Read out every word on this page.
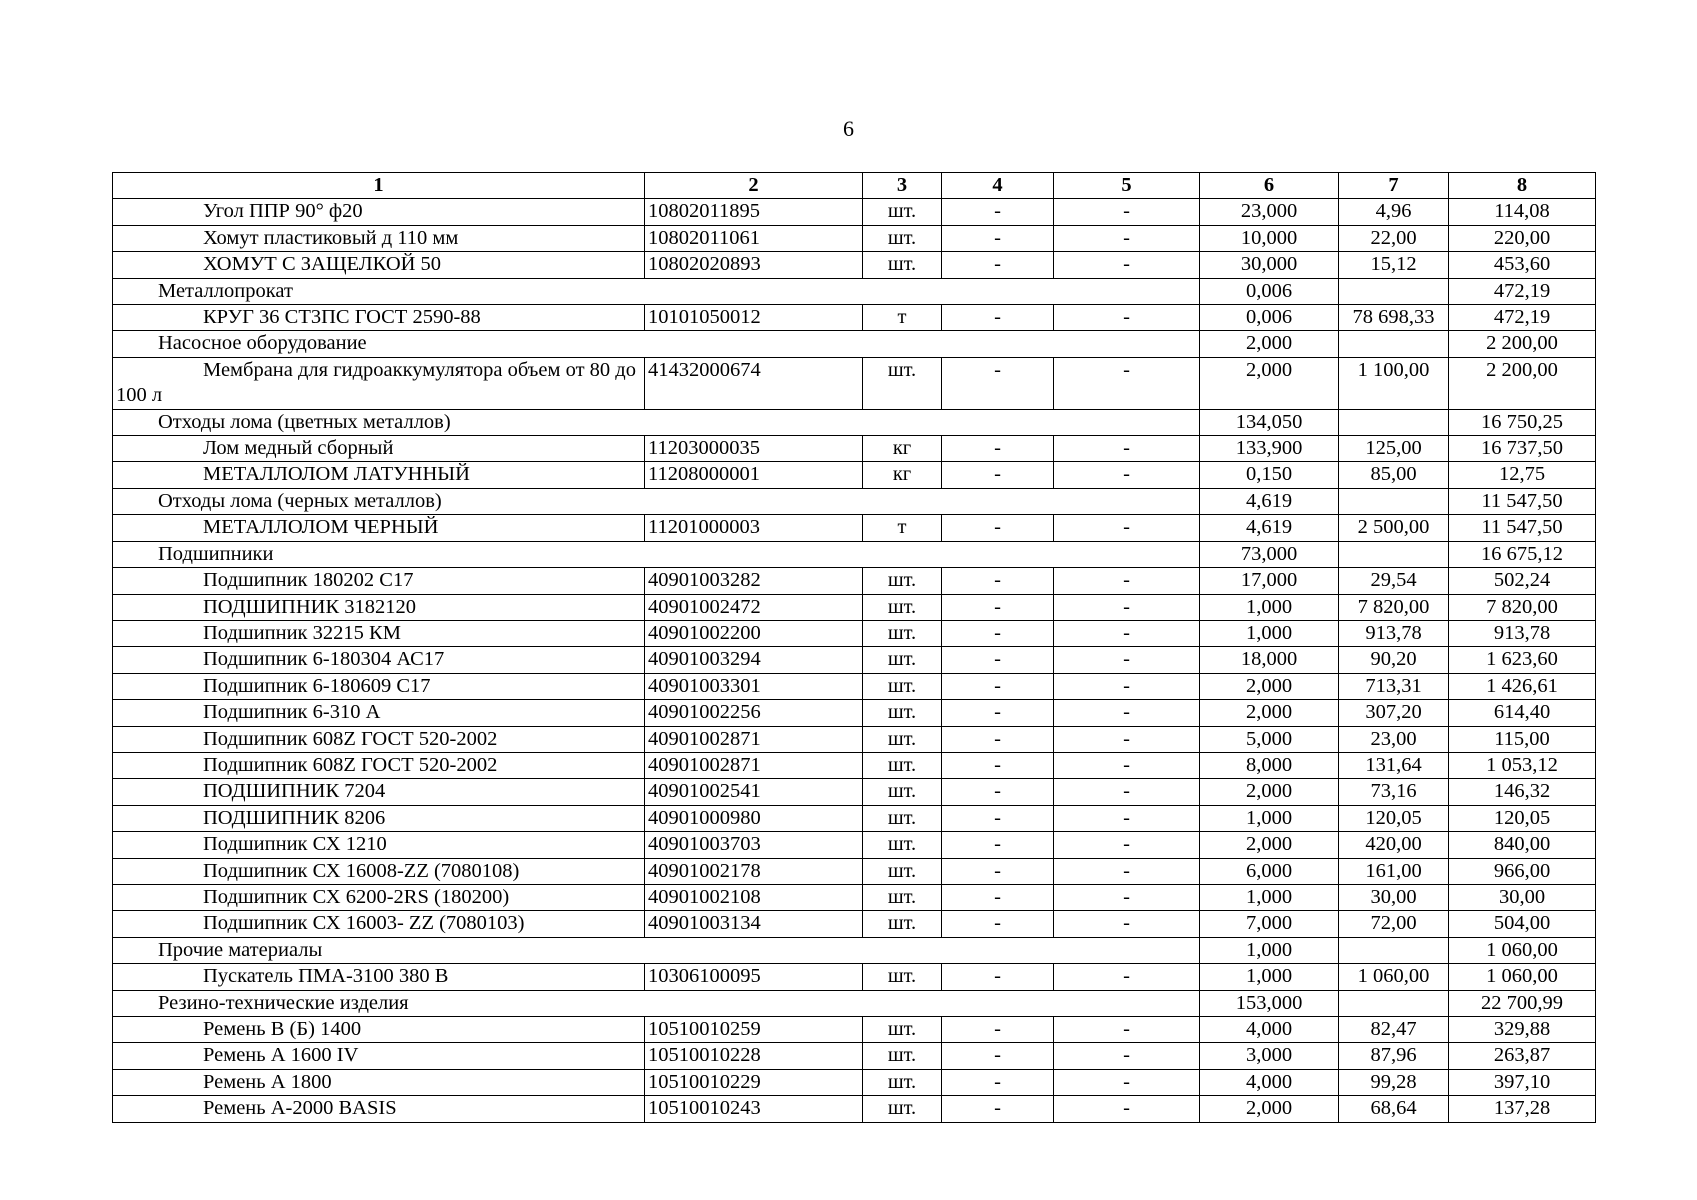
6
1	2	3	4	5	6	7	8
Угол ППР 90° ф20	10802011895	шт.	-	-	23,000	4,96	114,08
Хомут пластиковый д 110 мм	10802011061	шт.	-	-	10,000	22,00	220,00
ХОМУТ С ЗАЩЕЛКОЙ 50	10802020893	шт.	-	-	30,000	15,12	453,60
Металлопрокат					0,006		472,19
КРУГ 36 СТ3ПС ГОСТ 2590-88	10101050012	т	-	-	0,006	78 698,33	472,19
Насосное оборудование					2,000		2 200,00
Мембрана для гидроаккумулятора объем от 80 до 100 л	41432000674	шт.	-	-	2,000	1 100,00	2 200,00
Отходы лома (цветных металлов)					134,050		16 750,25
Лом медный сборный	11203000035	кг	-	-	133,900	125,00	16 737,50
МЕТАЛЛОЛОМ ЛАТУННЫЙ	11208000001	кг	-	-	0,150	85,00	12,75
Отходы лома (черных металлов)					4,619		11 547,50
МЕТАЛЛОЛОМ ЧЕРНЫЙ	11201000003	т	-	-	4,619	2 500,00	11 547,50
Подшипники					73,000		16 675,12
Подшипник 180202 С17	40901003282	шт.	-	-	17,000	29,54	502,24
ПОДШИПНИК 3182120	40901002472	шт.	-	-	1,000	7 820,00	7 820,00
Подшипник 32215 КМ	40901002200	шт.	-	-	1,000	913,78	913,78
Подшипник 6-180304 АС17	40901003294	шт.	-	-	18,000	90,20	1 623,60
Подшипник 6-180609 С17	40901003301	шт.	-	-	2,000	713,31	1 426,61
Подшипник 6-310 А	40901002256	шт.	-	-	2,000	307,20	614,40
Подшипник 608Z ГОСТ 520-2002	40901002871	шт.	-	-	5,000	23,00	115,00
Подшипник 608Z ГОСТ 520-2002	40901002871	шт.	-	-	8,000	131,64	1 053,12
ПОДШИПНИК 7204	40901002541	шт.	-	-	2,000	73,16	146,32
ПОДШИПНИК 8206	40901000980	шт.	-	-	1,000	120,05	120,05
Подшипник СХ 1210	40901003703	шт.	-	-	2,000	420,00	840,00
Подшипник СХ 16008-ZZ (7080108)	40901002178	шт.	-	-	6,000	161,00	966,00
Подшипник СХ 6200-2RS (180200)	40901002108	шт.	-	-	1,000	30,00	30,00
Подшипник СХ 16003- ZZ (7080103)	40901003134	шт.	-	-	7,000	72,00	504,00
Прочие материалы					1,000		1 060,00
Пускатель ПМА-3100 380 В	10306100095	шт.	-	-	1,000	1 060,00	1 060,00
Резино-технические изделия					153,000		22 700,99
Ремень В (Б) 1400	10510010259	шт.	-	-	4,000	82,47	329,88
Ремень А 1600 IV	10510010228	шт.	-	-	3,000	87,96	263,87
Ремень А 1800	10510010229	шт.	-	-	4,000	99,28	397,10
Ремень А-2000 BASIS	10510010243	шт.	-	-	2,000	68,64	137,28
